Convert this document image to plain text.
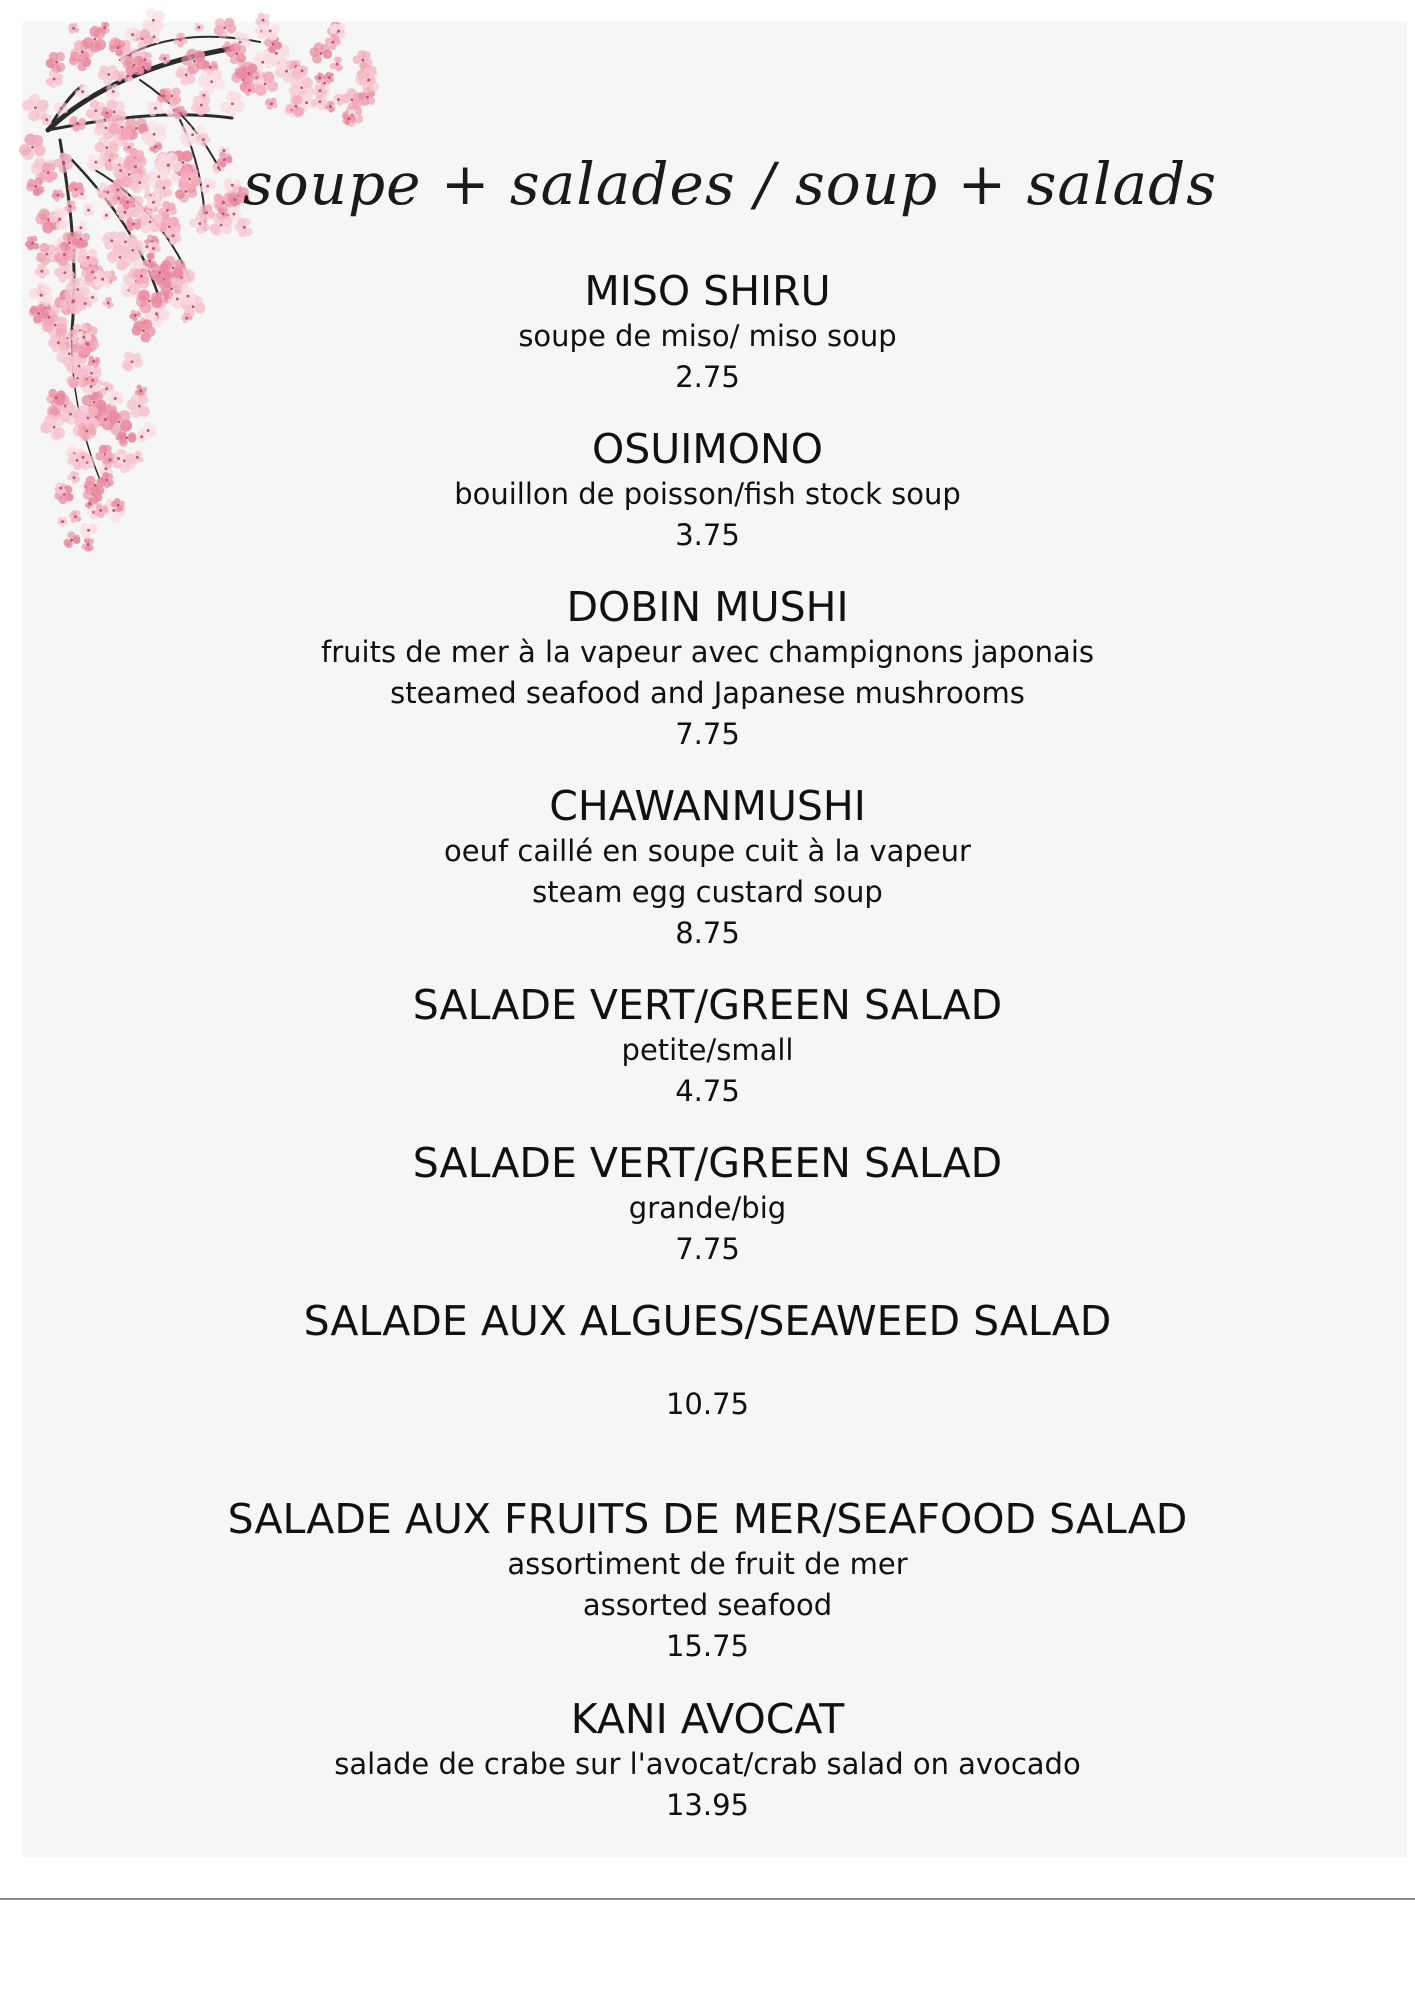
soupe + salades / soup + salads
MISO SHIRU
soupe de miso/ miso soup
2.75
OSUIMONO
bouillon de poisson/fish stock soup
3.75
DOBIN MUSHI
fruits de mer à la vapeur avec champignons japonais
steamed seafood and Japanese mushrooms
7.75
CHAWANMUSHI
oeuf caillé en soupe cuit à la vapeur
steam egg custard soup
8.75
SALADE VERT/GREEN SALAD
petite/small
4.75
SALADE VERT/GREEN SALAD
grande/big
7.75
SALADE AUX ALGUES/SEAWEED SALAD
10.75
SALADE AUX FRUITS DE MER/SEAFOOD SALAD
assortiment de fruit de mer
assorted seafood
15.75
KANI AVOCAT
salade de crabe sur l'avocat/crab salad on avocado
13.95
